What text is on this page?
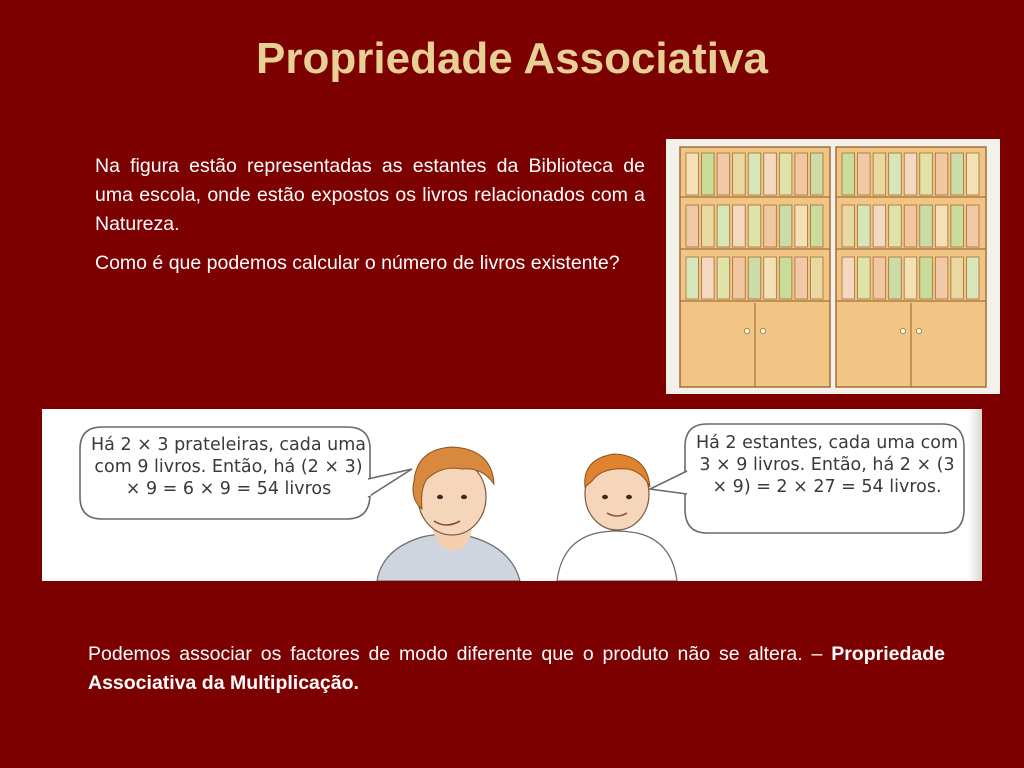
Propriedade Associativa

Na figura estão representadas as estantes da Biblioteca de uma escola, onde estão expostos os livros relacionados com a Natureza.

Como é que podemos calcular o número de livros existente?

Há 2 × 3 prateleiras, cada uma com 9 livros. Então, há (2 × 3) × 9 = 6 × 9 = 54 livros
Há 2 estantes, cada uma com 3 × 9 livros. Então, há 2 × (3 × 9) = 2 × 27 = 54 livros.
Podemos associar os factores de modo diferente que o produto não se altera. – Propriedade Associativa da Multiplicação.
